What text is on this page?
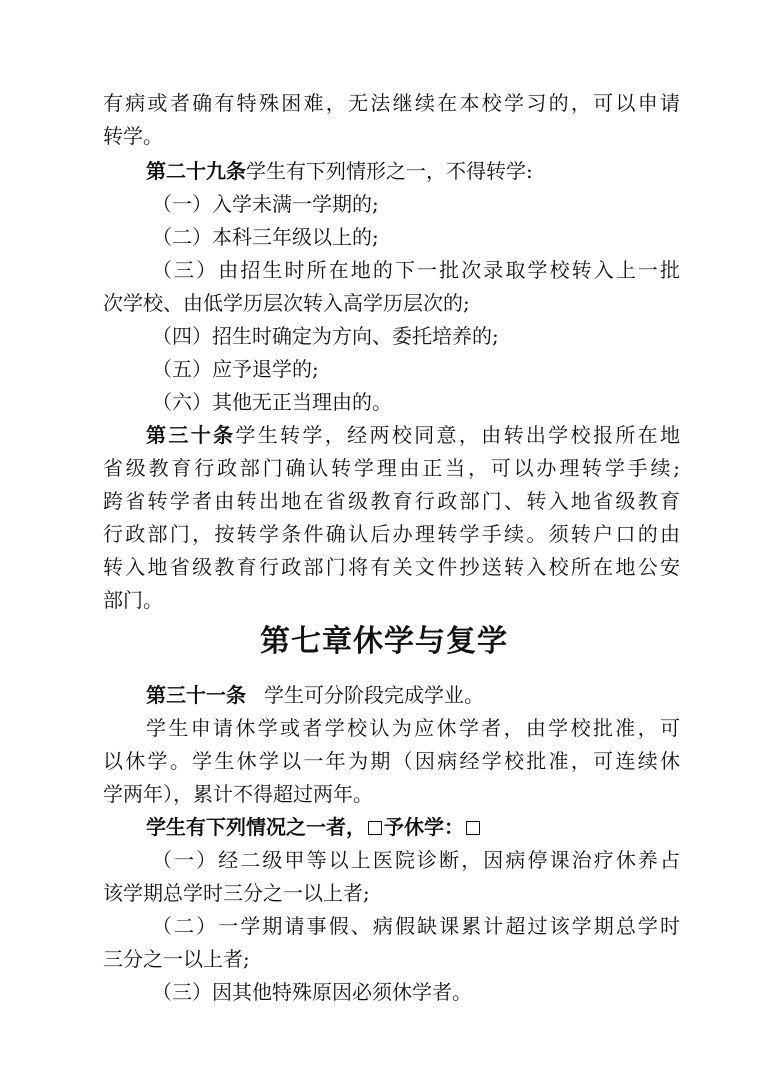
有病或者确有特殊困难，无法继续在本校学习的，可以申请
转学。
第二十九条学生有下列情形之一，不得转学:
（一）入学未满一学期的;
（二）本科三年级以上的;
（三）由招生时所在地的下一批次录取学校转入上一批
次学校、由低学历层次转入高学历层次的;
（四）招生时确定为方向、委托培养的;
（五）应予退学的;
（六）其他无正当理由的。
第三十条学生转学，经两校同意，由转出学校报所在地
省级教育行政部门确认转学理由正当，可以办理转学手续;
跨省转学者由转出地在省级教育行政部门、转入地省级教育
行政部门，按转学条件确认后办理转学手续。须转户口的由
转入地省级教育行政部门将有关文件抄送转入校所在地公安
部门。
第七章休学与复学
第三十一条 学生可分阶段完成学业。
学生申请休学或者学校认为应休学者，由学校批准，可
以休学。学生休学以一年为期（因病经学校批准，可连续休
学两年），累计不得超过两年。
学生有下列情况之一者， 予休学：
（一）经二级甲等以上医院诊断，因病停课治疗休养占
该学期总学时三分之一以上者;
（二）一学期请事假、病假缺课累计超过该学期总学时
三分之一以上者;
（三）因其他特殊原因必须休学者。
